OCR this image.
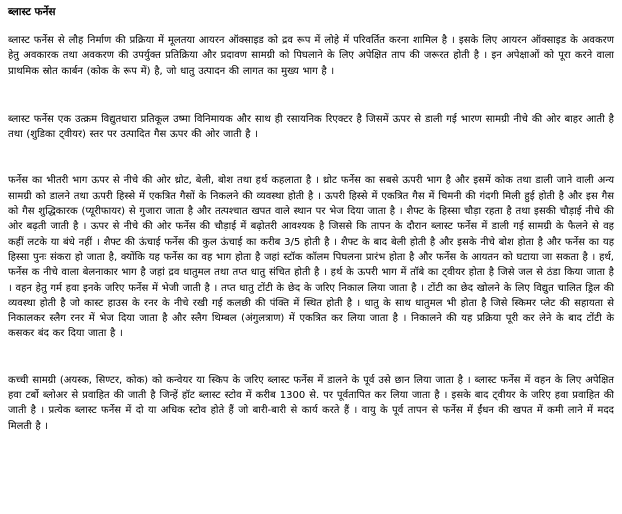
ब्लास्ट फर्नेस

ब्लास्ट फर्नेस से लौह निर्माण की प्रक्रिया में मूलतया आयरन ऑक्साइड को द्रव रूप में लोहे में परिवर्तित करना शामिल है । इसके लिए आयरन ऑक्साइड के अवकरण हेतु अवकारक तथा अवकरण की उपर्युक्त प्रतिक्रिया और प्रदावण सामग्री को पिघलाने के लिए अपेक्षित ताप की जरूरत होती है । इन अपेक्षाओं को पूरा करने वाला प्राथमिक स्रोत कार्बन (कोक के रूप में) है, जो धातु उत्पादन की लागत का मुख्य भाग है ।

ब्लास्ट फर्नेस एक उत्क्रम विद्युतधारा प्रतिकूल उष्मा विनिमायक और साथ ही रसायनिक रिएक्टर है जिसमें ऊपर से डाली गई भारण सामग्री नीचे की ओर बाहर आती है तथा (शुडिका ट्वीयर) स्तर पर उत्पादित गैस ऊपर की ओर जाती है ।

फर्नेस का भीतरी भाग ऊपर से नीचे की ओर थ्रोट, बेली, बोश तथा हर्थ कहलाता है । थ्रोट फर्नेस का सबसे ऊपरी भाग है और इसमें कोक तथा डाली जाने वाली अन्य सामग्री को डालने तथा ऊपरी हिस्से में एकत्रित गैसों के निकलने की व्यवस्था होती है । ऊपरी हिस्से में एकत्रित गैस में चिमनी की गंदगी मिली हुई होती है और इस गैस को गैस शुद्धिकारक (प्यूरीफायर) से गुजारा जाता है और तत्पश्चात खपत वाले स्थान पर भेज दिया जाता है । शैफ्ट के हिस्सा चौड़ा रहता है तथा इसकी चौड़ाई नीचे की ओर बढ़ती जाती है । ऊपर से नीचे की ओर फर्नेस की चौड़ाई में बढ़ोतरी आवश्यक है जिससे कि तापन के दौरान ब्लास्ट फर्नेस में डाली गई सामग्री के फैलने से वह कहीं लटके या बंधे नहीं । शैफ्ट की ऊंचाई फर्नेस की कुल ऊंचाई का करीब 3/5 होती है । शैफ्ट के बाद बेली होती है और इसके नीचे बोश होता है और फर्नेस का यह हिस्सा पुनः संकरा हो जाता है, क्योंकि यह फर्नेस का वह भाग होता है जहां स्टॉक कॉलम पिघलना प्रारंभ होता है और फर्नेस के आयतन को घटाया जा सकता है । हर्थ, फर्नेस क नीचे वाला बेलनाकार भाग है जहां द्रव धातुमल तथा तप्त धातु संचित होती है । हर्थ के ऊपरी भाग में तॉबे का ट्वीयर होता है जिसे जल से ठंडा किया जाता है । वहन हेतु गर्म हवा इनके जरिए फर्नेस में भेजी जाती है । तप्त धातु टोंटी के छेद के जरिए निकाल लिया जाता है । टोंटी का छेद खोलने के लिए विद्युत चालित ड्रिल की व्यवस्था होती है जो कास्ट हाउस के रनर के नीचे रखी गई कलछी की पंक्ति में स्थित होती है । धातु के साथ धातुमल भी होता है जिसे स्किमर प्लेट की सहायता से निकालकर स्लैग रनर में भेज दिया जाता है और स्लैग थिम्बल (अंगुलत्राण) में एकत्रित कर लिया जाता है । निकालने की यह प्रक्रिया पूरी कर लेने के बाद टोंटी के कसकर बंद कर दिया जाता है ।

कच्ची सामग्री (अयस्क, सिण्टर, कोक) को कन्वेयर या स्किप के जरिए ब्लास्ट फर्नेस में डालने के पूर्व उसे छान लिया जाता है । ब्लास्ट फर्नेस में वहन के लिए अपेक्षित हवा टर्बो ब्लोअर से प्रवाहित की जाती है जिन्हें हॉट ब्लास्ट स्टोव में करीब 1300 से. पर पूर्वतापित कर लिया जाता है । इसके बाद ट्वीयर के जरिए हवा प्रवाहित की जाती है । प्रत्येक ब्लास्ट फर्नेस में दो या अधिक स्टोव होते हैं जो बारी-बारी से कार्य करते हैं । वायु के पूर्व तापन से फर्नेस में ईंधन की खपत में कमी लाने में मदद मिलती है ।
